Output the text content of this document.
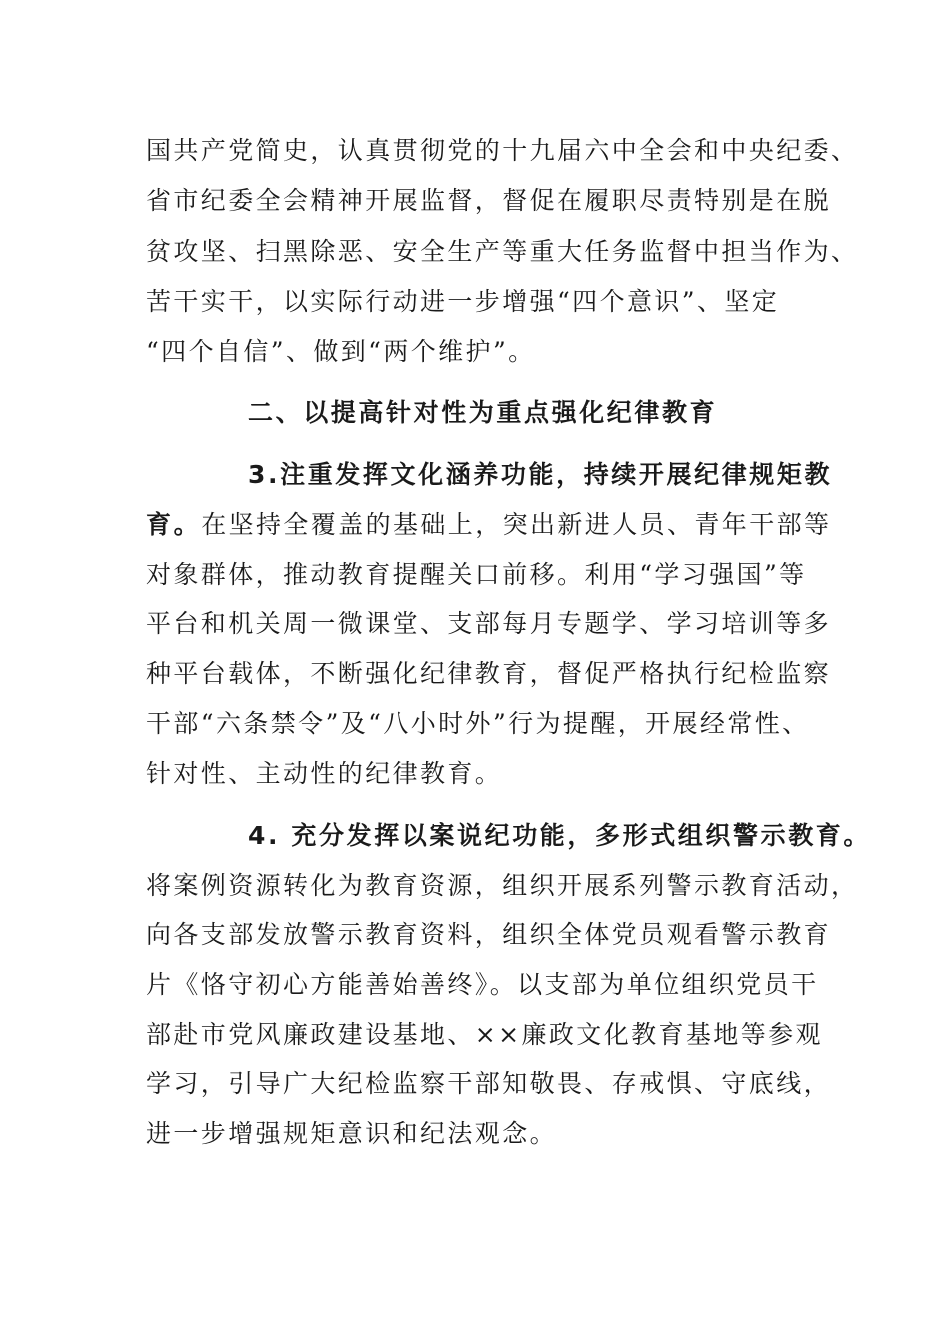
国共产党简史，认真贯彻党的十九届六中全会和中央纪委、
省市纪委全会精神开展监督，督促在履职尽责特别是在脱
贫攻坚、扫黑除恶、安全生产等重大任务监督中担当作为、
苦干实干，以实际行动进一步增强“四个意识”、坚定
“四个自信”、做到“两个维护”。
二、以提高针对性为重点强化纪律教育
3.注重发挥文化涵养功能，持续开展纪律规矩教
育。在坚持全覆盖的基础上，突出新进人员、青年干部等
对象群体，推动教育提醒关口前移。利用“学习强国”等
平台和机关周一微课堂、支部每月专题学、学习培训等多
种平台载体，不断强化纪律教育，督促严格执行纪检监察
干部“六条禁令”及“八小时外”行为提醒，开展经常性、
针对性、主动性的纪律教育。
4. 充分发挥以案说纪功能，多形式组织警示教育。
将案例资源转化为教育资源，组织开展系列警示教育活动，
向各支部发放警示教育资料，组织全体党员观看警示教育
片《恪守初心方能善始善终》。以支部为单位组织党员干
部赴市党风廉政建设基地、××廉政文化教育基地等参观
学习，引导广大纪检监察干部知敬畏、存戒惧、守底线，
进一步增强规矩意识和纪法观念。
